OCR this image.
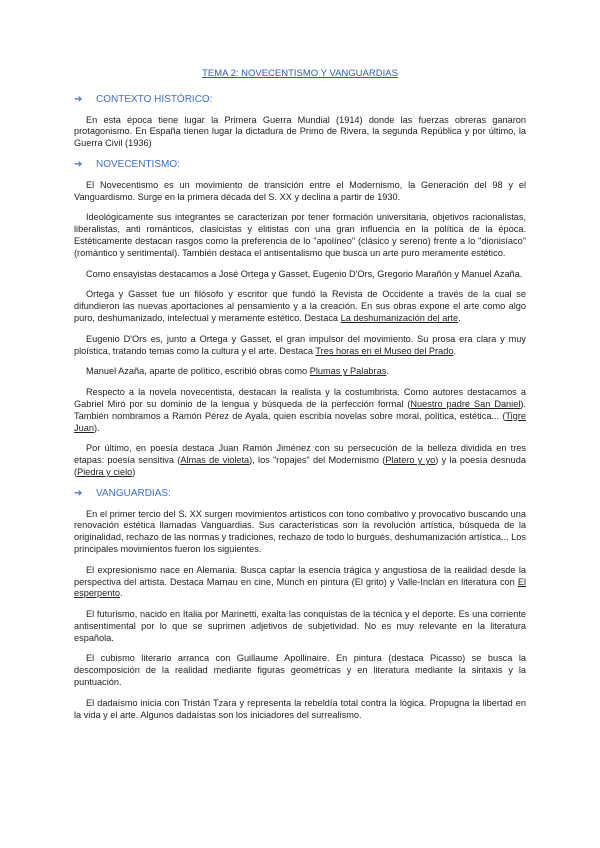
TEMA 2: NOVECENTISMO Y VANGUARDIAS
➔	CONTEXTO HISTÓRICO:

En esta época tiene lugar la Primera Guerra Mundial (1914) donde las fuerzas obreras ganaron protagonismo. En España tienen lugar la dictadura de Primo de Rivera, la segunda República y por último, la Guerra Civil (1936)

➔	NOVECENTISMO:

El Novecentismo es un movimiento de transición entre el Modernismo, la Generación del 98 y el Vanguardismo. Surge en la primera década del S. XX y declina a partir de 1930.

Ideológicamente sus integrantes se caracterizan por tener formación universitaria, objetivos racionalistas, liberalistas, anti románticos, clasicistas y elitistas con una gran influencia en la política de la época. Estéticamente destacan rasgos como la preferencia de lo "apolíneo" (clásico y sereno) frente a lo "dionisíaco" (romántico y sentimental). También destaca el antisentalismo que busca un arte puro meramente estético.

Como ensayistas destacamos a José Ortega y Gasset, Eugenio D'Ors, Gregorio Marañón y Manuel Azaña.

Ortega y Gasset fue un filósofo y escritor que fundó la Revista de Occidente a través de la cual se difundieron las nuevas aportaciones al pensamiento y a la creación. En sus obras expone el arte como algo puro, deshumanizado, intelectual y meramente estético. Destaca La deshumanización del arte.

Eugenio D'Ors es, junto a Ortega y Gasset, el gran impulsor del movimiento. Su prosa era clara y muy ploística, tratando temas como la cultura y el arte. Destaca Tres horas en el Museo del Prado.

Manuel Azaña, aparte de político, escribió obras como Plumas y Palabras.

Respecto a la novela novecentista, destacan la realista y la costumbrista. Como autores destacamos a Gabriel Miró por su dominio de la lengua y búsqueda de la perfección formal (Nuestro padre San Daniel). También nombramos a Ramón Pérez de Ayala, quien escribía novelas sobre moral, política, estética... (Tigre Juan).

Por último, en poesía destaca Juan Ramón Jiménez con su persecución de la belleza dividida en tres etapas: poesía sensitiva (Almas de violeta), los "ropajes" del Modernismo (Platero y yo) y la poesía desnuda (Piedra y cielo)

➔	VANGUARDIAS:

En el primer tercio del S. XX surgen movimientos artísticos con tono combativo y provocativo buscando una renovación estética llamadas Vanguardias. Sus características son la revolución artística, búsqueda de la originalidad, rechazo de las normas y tradiciones, rechazo de todo lo burgués, deshumanización artística... Los principales movimientos fueron los siguientes.

El expresionismo nace en Alemania. Busca captar la esencia trágica y angustiosa de la realidad desde la perspectiva del artista. Destaca Marnau en cine, Munch en pintura (El grito) y Valle-Inclán en literatura con El esperpento.

El futurismo, nacido en Italia por Marinetti, exalta las conquistas de la técnica y el deporte. Es una corriente antisentimental por lo que se suprimen adjetivos de subjetividad. No es muy relevante en la literatura española.

El cubismo literario arranca con Guillaume Apollinaire. En pintura (destaca Picasso) se busca la descomposición de la realidad mediante figuras geométricas y en literatura mediante la sintaxis y la puntuación.

El dadaísmo inicia con Tristán Tzara y representa la rebeldía total contra la lógica. Propugna la libertad en la vida y el arte. Algunos dadaístas son los iniciadores del surrealismo.
